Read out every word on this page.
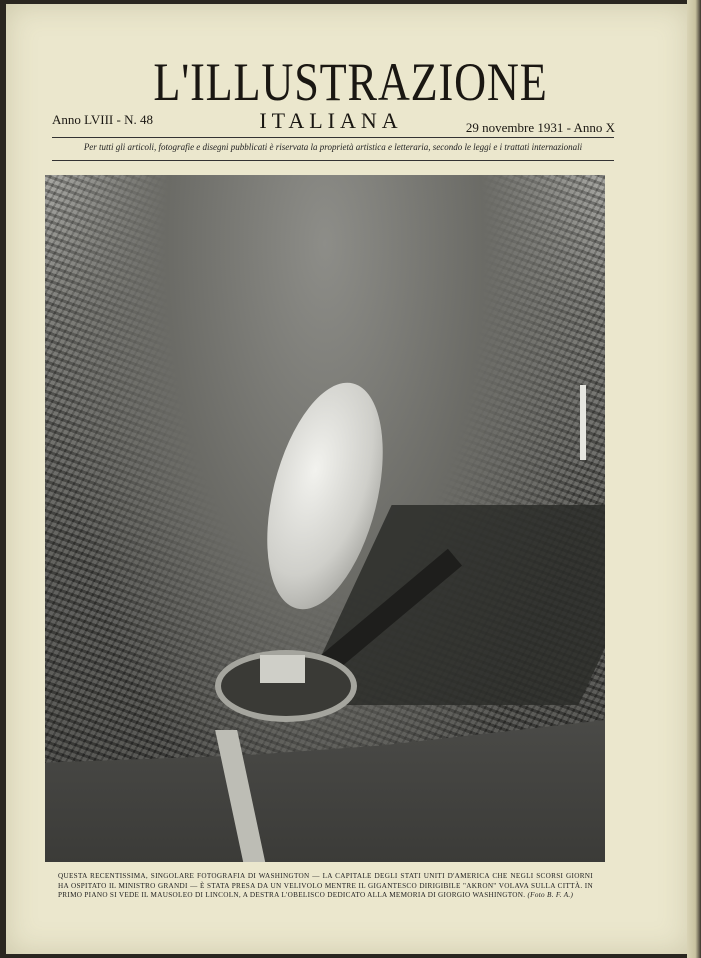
L'ILLUSTRAZIONE
ITALIANA
Anno LVIII - N. 48
29 novembre 1931 - Anno X
Per tutti gli articoli, fotografie e disegni pubblicati è riservata la proprietà artistica e letteraria, secondo le leggi e i trattati internazionali
QUESTA RECENTISSIMA, SINGOLARE FOTOGRAFIA DI WASHINGTON — LA CAPITALE DEGLI STATI UNITI D'AMERICA CHE NEGLI SCORSI GIORNI HA OSPITATO IL MINISTRO GRANDI — È STATA PRESA DA UN VELIVOLO MENTRE IL GIGANTESCO DIRIGIBILE "AKRON" VOLAVA SULLA CITTÀ. IN PRIMO PIANO SI VEDE IL MAUSOLEO DI LINCOLN, A DESTRA L'OBELISCO DEDICATO ALLA MEMORIA DI GIORGIO WASHINGTON. (Foto B. F. A.)
